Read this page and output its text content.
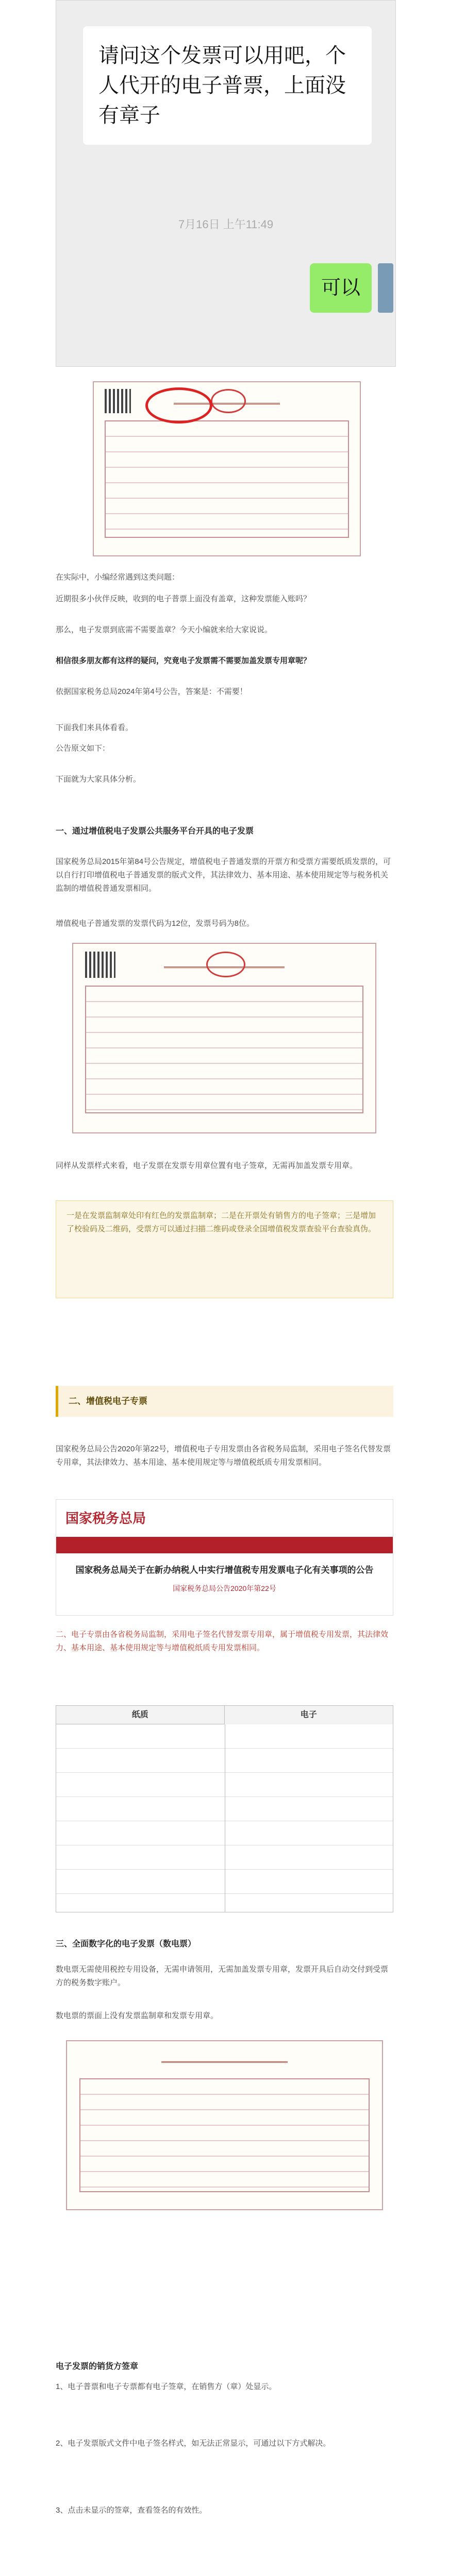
请问这个发票可以用吧，个人代开的电子普票，上面没有章子
7月16日 上午11:49
可以
在实际中，小编经常遇到这类问题：
近期很多小伙伴反映，收到的电子普票上面没有盖章，这种发票能入账吗？
那么，电子发票到底需不需要盖章？今天小编就来给大家说说。
相信很多朋友都有这样的疑问，究竟电子发票需不需要加盖发票专用章呢？
依据国家税务总局2024年第4号公告，答案是：不需要！
下面我们来具体看看。
公告原文如下：
下面就为大家具体分析。
一、通过增值税电子发票公共服务平台开具的电子发票
国家税务总局2015年第84号公告规定，增值税电子普通发票的开票方和受票方需要纸质发票的，可以自行打印增值税电子普通发票的版式文件，其法律效力、基本用途、基本使用规定等与税务机关监制的增值税普通发票相同。
增值税电子普通发票的发票代码为12位，发票号码为8位。
同样从发票样式来看，电子发票在发票专用章位置有电子签章，无需再加盖发票专用章。
一是在发票监制章处印有红色的发票监制章；二是在开票处有销售方的电子签章；三是增加了校验码及二维码，受票方可以通过扫描二维码或登录全国增值税发票查验平台查验真伪。
二、增值税电子专票
国家税务总局公告2020年第22号，增值税电子专用发票由各省税务局监制，采用电子签名代替发票专用章，其法律效力、基本用途、基本使用规定等与增值税纸质专用发票相同。
国家税务总局
国家税务总局关于在新办纳税人中实行增值税专用发票电子化有关事项的公告
国家税务总局公告2020年第22号
二、电子专票由各省税务局监制，采用电子签名代替发票专用章，属于增值税专用发票，其法律效力、基本用途、基本使用规定等与增值税纸质专用发票相同。
纸质	电子
三、全面数字化的电子发票（数电票）
数电票无需使用税控专用设备，无需申请领用，无需加盖发票专用章，发票开具后自动交付到受票方的税务数字账户。
数电票的票面上没有发票监制章和发票专用章。
电子发票的销货方签章
1、电子普票和电子专票都有电子签章，在销售方（章）处显示。
2、电子发票版式文件中电子签名样式，如无法正常显示，可通过以下方式解决。
3、点击未显示的签章，查看签名的有效性。
